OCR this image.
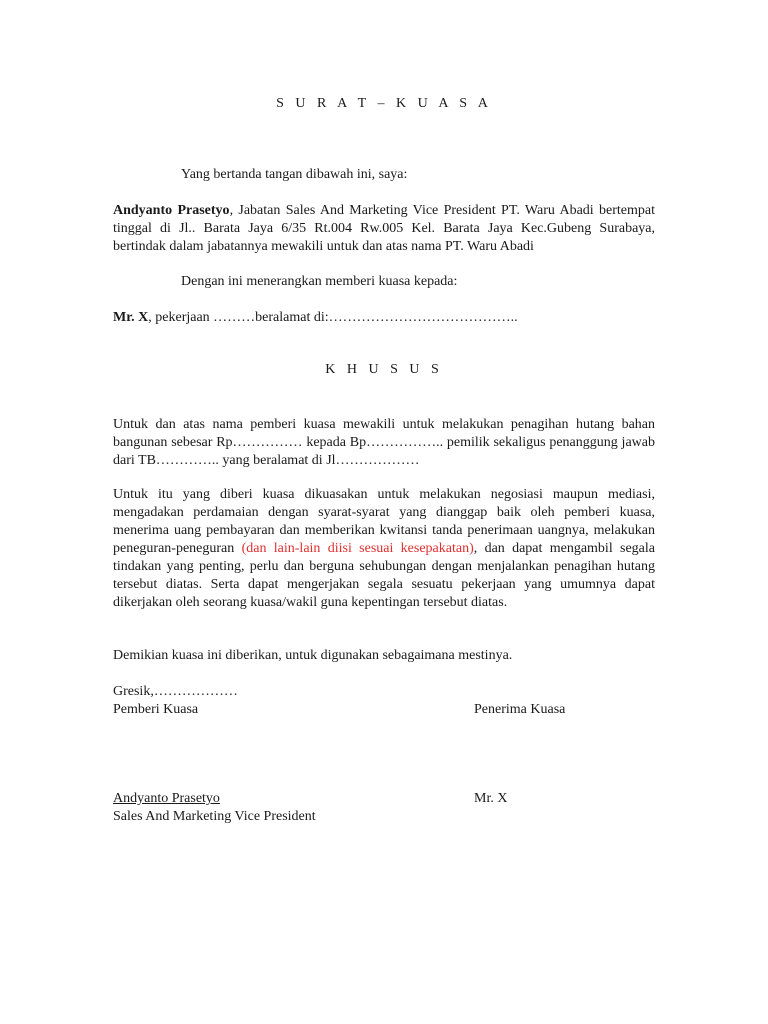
S U R A T – K U A S A
Yang bertanda tangan dibawah ini, saya:
Andyanto Prasetyo, Jabatan Sales And Marketing Vice President PT. Waru Abadi bertempat tinggal di Jl.. Barata Jaya 6/35 Rt.004 Rw.005 Kel. Barata Jaya Kec.Gubeng Surabaya, bertindak dalam jabatannya mewakili untuk dan atas nama PT. Waru Abadi
Dengan ini menerangkan memberi kuasa kepada:
Mr. X, pekerjaan ………beralamat di:…………………………………..
K H U S U S
Untuk dan atas nama pemberi kuasa mewakili untuk melakukan penagihan hutang bahan bangunan sebesar Rp…………… kepada Bp…………….. pemilik sekaligus penanggung jawab dari TB………….. yang beralamat di Jl………………
Untuk itu yang diberi kuasa dikuasakan untuk melakukan negosiasi maupun mediasi, mengadakan perdamaian dengan syarat-syarat yang dianggap baik oleh pemberi kuasa, menerima uang pembayaran dan memberikan kwitansi tanda penerimaan uangnya, melakukan peneguran-peneguran (dan lain-lain diisi sesuai kesepakatan), dan dapat mengambil segala tindakan yang penting, perlu dan berguna sehubungan dengan menjalankan penagihan hutang tersebut diatas. Serta dapat mengerjakan segala sesuatu pekerjaan yang umumnya dapat dikerjakan oleh seorang kuasa/wakil guna kepentingan tersebut diatas.
Demikian kuasa ini diberikan, untuk digunakan sebagaimana mestinya.
Gresik,………………
Pemberi Kuasa	Penerima Kuasa
Andyanto Prasetyo	Mr. X
Sales And Marketing Vice President
